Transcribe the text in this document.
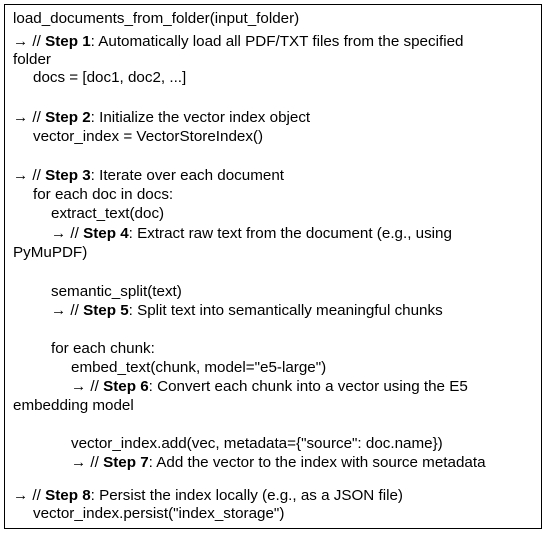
load_documents_from_folder(input_folder)
→ // Step 1: Automatically load all PDF/TXT files from the specified
folder
docs = [doc1, doc2, ...]
→ // Step 2: Initialize the vector index object
vector_index = VectorStoreIndex()
→ // Step 3: Iterate over each document
for each doc in docs:
extract_text(doc)
→ // Step 4: Extract raw text from the document (e.g., using
PyMuPDF)
semantic_split(text)
→ // Step 5: Split text into semantically meaningful chunks
for each chunk:
embed_text(chunk, model="e5-large")
→ // Step 6: Convert each chunk into a vector using the E5
embedding model
vector_index.add(vec, metadata={"source": doc.name})
→ // Step 7: Add the vector to the index with source metadata
→ // Step 8: Persist the index locally (e.g., as a JSON file)
vector_index.persist("index_storage")
